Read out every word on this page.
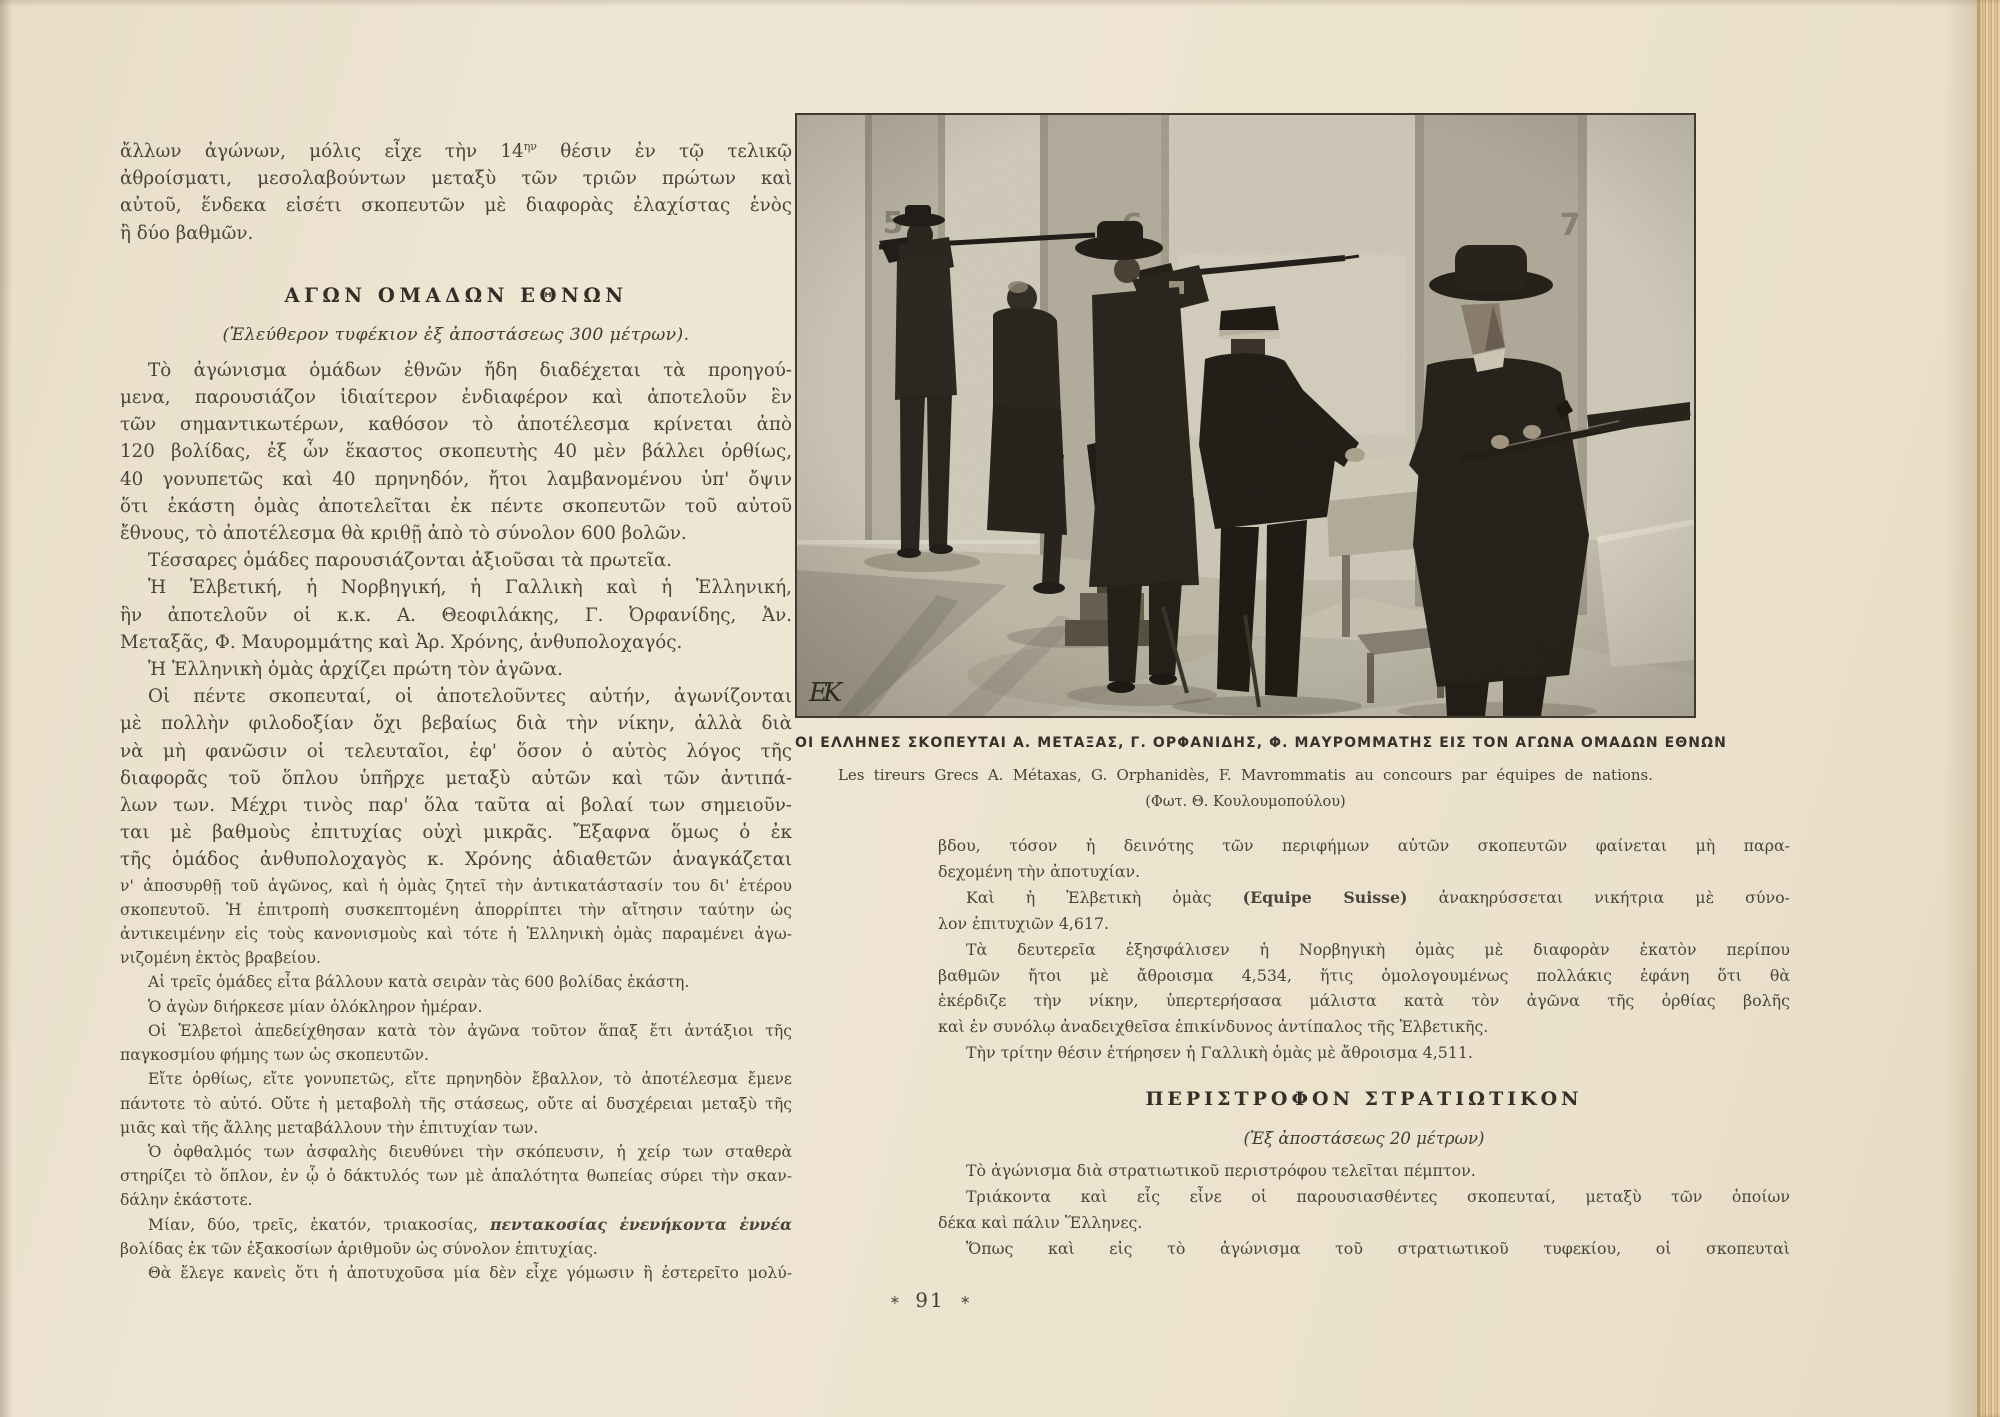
ἄλλων ἀγώνων, μόλις εἶχε τὴν $14^{\eta\nu}$ θέσιν ἐν τῷ τελικῷ
ἀθροίσματι, μεσολαβούντων μεταξὺ τῶν τριῶν πρώτων καὶ
αὐτοῦ, ἕνδεκα εἰσέτι σκοπευτῶν μὲ διαφορὰς ἐλαχίστας ἑνὸς
ἢ δύο βαθμῶν.
ΑΓΩΝ ΟΜΑΔΩΝ ΕΘΝΩΝ
(Ἐλεύθερον τυφέκιον ἐξ ἀποστάσεως 300 μέτρων).
Τὸ ἀγώνισμα ὁμάδων ἐθνῶν ἤδη διαδέχεται τὰ προηγού-
μενα, παρουσιάζον ἰδιαίτερον ἐνδιαφέρον καὶ ἀποτελοῦν ἓν
τῶν σημαντικωτέρων, καθόσον τὸ ἀποτέλεσμα κρίνεται ἀπὸ
120 βολίδας, ἐξ ὧν ἕκαστος σκοπευτὴς 40 μὲν βάλλει ὀρθίως,
40 γονυπετῶς καὶ 40 πρηνηδόν, ἤτοι λαμβανομένου ὑπ' ὄψιν
ὅτι ἑκάστη ὁμὰς ἀποτελεῖται ἐκ πέντε σκοπευτῶν τοῦ αὐτοῦ
ἔθνους, τὸ ἀποτέλεσμα θὰ κριθῇ ἀπὸ τὸ σύνολον 600 βολῶν.
Τέσσαρες ὁμάδες παρουσιάζονται ἀξιοῦσαι τὰ πρωτεῖα.
Ἡ Ἑλβετική, ἡ Νορβηγική, ἡ Γαλλικὴ καὶ ἡ Ἑλληνική,
ἣν ἀποτελοῦν οἱ κ.κ. Α. Θεοφιλάκης, Γ. Ὀρφανίδης, Ἀν.
Μεταξᾶς, Φ. Μαυρομμάτης καὶ Ἀρ. Χρόνης, ἀνθυπολοχαγός.
Ἡ Ἑλληνικὴ ὁμὰς ἀρχίζει πρώτη τὸν ἀγῶνα.
Οἱ πέντε σκοπευταί, οἱ ἀποτελοῦντες αὐτήν, ἀγωνίζονται
μὲ πολλὴν φιλοδοξίαν ὄχι βεβαίως διὰ τὴν νίκην, ἀλλὰ διὰ
νὰ μὴ φανῶσιν οἱ τελευταῖοι, ἐφ' ὅσον ὁ αὐτὸς λόγος τῆς
διαφορᾶς τοῦ ὅπλου ὑπῆρχε μεταξὺ αὐτῶν καὶ τῶν ἀντιπά-
λων των. Μέχρι τινὸς παρ' ὅλα ταῦτα αἱ βολαί των σημειοῦν-
ται μὲ βαθμοὺς ἐπιτυχίας οὐχὶ μικρᾶς. Ἔξαφνα ὅμως ὁ ἐκ
τῆς ὁμάδος ἀνθυπολοχαγὸς κ. Χρόνης ἀδιαθετῶν ἀναγκάζεται
ν' ἀποσυρθῇ τοῦ ἀγῶνος, καὶ ἡ ὁμὰς ζητεῖ τὴν ἀντικατάστασίν του δι' ἑτέρου
σκοπευτοῦ. Ἡ ἐπιτροπὴ συσκεπτομένη ἀπορρίπτει τὴν αἴτησιν ταύτην ὡς
ἀντικειμένην εἰς τοὺς κανονισμοὺς καὶ τότε ἡ Ἑλληνικὴ ὁμὰς παραμένει ἀγω-
νιζομένη ἐκτὸς βραβείου.
Αἱ τρεῖς ὁμάδες εἶτα βάλλουν κατὰ σειρὰν τὰς 600 βολίδας ἑκάστη.
Ὁ ἀγὼν διήρκεσε μίαν ὁλόκληρον ἡμέραν.
Οἱ Ἑλβετοὶ ἀπεδείχθησαν κατὰ τὸν ἀγῶνα τοῦτον ἅπαξ ἔτι ἀντάξιοι τῆς
παγκοσμίου φήμης των ὡς σκοπευτῶν.
Εἴτε ὀρθίως, εἴτε γονυπετῶς, εἴτε πρηνηδὸν ἔβαλλον, τὸ ἀποτέλεσμα ἔμενε
πάντοτε τὸ αὐτό. Οὔτε ἡ μεταβολὴ τῆς στάσεως, οὔτε αἱ δυσχέρειαι μεταξὺ τῆς
μιᾶς καὶ τῆς ἄλλης μεταβάλλουν τὴν ἐπιτυχίαν των.
Ὁ ὀφθαλμός των ἀσφαλὴς διευθύνει τὴν σκόπευσιν, ἡ χείρ των σταθερὰ
στηρίζει τὸ ὅπλον, ἐν ᾧ ὁ δάκτυλός των μὲ ἁπαλότητα θωπείας σύρει τὴν σκαν-
δάλην ἑκάστοτε.
Μίαν, δύο, τρεῖς, ἑκατόν, τριακοσίας, πεντακοσίας ἐνενήκοντα ἐννέα
βολίδας ἐκ τῶν ἑξακοσίων ἀριθμοῦν ὡς σύνολον ἐπιτυχίας.
Θὰ ἔλεγε κανεὶς ὅτι ἡ ἀποτυχοῦσα μία δὲν εἶχε γόμωσιν ἢ ἐστερεῖτο μολύ-
ΟΙ ΕΛΛΗΝΕΣ ΣΚΟΠΕΥΤΑΙ Α. ΜΕΤΑΞΑΣ, Γ. ΟΡΦΑΝΙΔΗΣ, Φ. ΜΑΥΡΟΜΜΑΤΗΣ ΕΙΣ ΤΟΝ ΑΓΩΝΑ ΟΜΑΔΩΝ ΕΘΝΩΝ
Les tireurs Grecs A. Métaxas, G. Orphanidès, F. Mavrommatis au concours par équipes de nations.
(Φωτ. Θ. Κουλουμοπούλου)
βδου, τόσον ἡ δεινότης τῶν περιφήμων αὐτῶν σκοπευτῶν φαίνεται μὴ παρα-
δεχομένη τὴν ἀποτυχίαν.
Καὶ ἡ Ἑλβετικὴ ὁμὰς (Equipe Suisse) ἀνακηρύσσεται νικήτρια μὲ σύνο-
λον ἐπιτυχιῶν 4,617.
Τὰ δευτερεῖα ἐξησφάλισεν ἡ Νορβηγικὴ ὁμὰς μὲ διαφορὰν ἑκατὸν περίπου
βαθμῶν ἤτοι μὲ ἄθροισμα 4,534, ἥτις ὁμολογουμένως πολλάκις ἐφάνη ὅτι θὰ
ἐκέρδιζε τὴν νίκην, ὑπερτερήσασα μάλιστα κατὰ τὸν ἀγῶνα τῆς ὀρθίας βολῆς
καὶ ἐν συνόλῳ ἀναδειχθεῖσα ἐπικίνδυνος ἀντίπαλος τῆς Ἑλβετικῆς.
Τὴν τρίτην θέσιν ἐτήρησεν ἡ Γαλλικὴ ὁμὰς μὲ ἄθροισμα 4,511.
ΠΕΡΙΣΤΡΟΦΟΝ ΣΤΡΑΤΙΩΤΙΚΟΝ
(Ἐξ ἀποστάσεως 20 μέτρων)
Τὸ ἀγώνισμα διὰ στρατιωτικοῦ περιστρόφου τελεῖται πέμπτον.
Τριάκοντα καὶ εἷς εἶνε οἱ παρουσιασθέντες σκοπευταί, μεταξὺ τῶν ὁποίων
δέκα καὶ πάλιν Ἕλληνες.
Ὅπως καὶ εἰς τὸ ἀγώνισμα τοῦ στρατιωτικοῦ τυφεκίου, οἱ σκοπευταὶ
∗ 91 ∗
